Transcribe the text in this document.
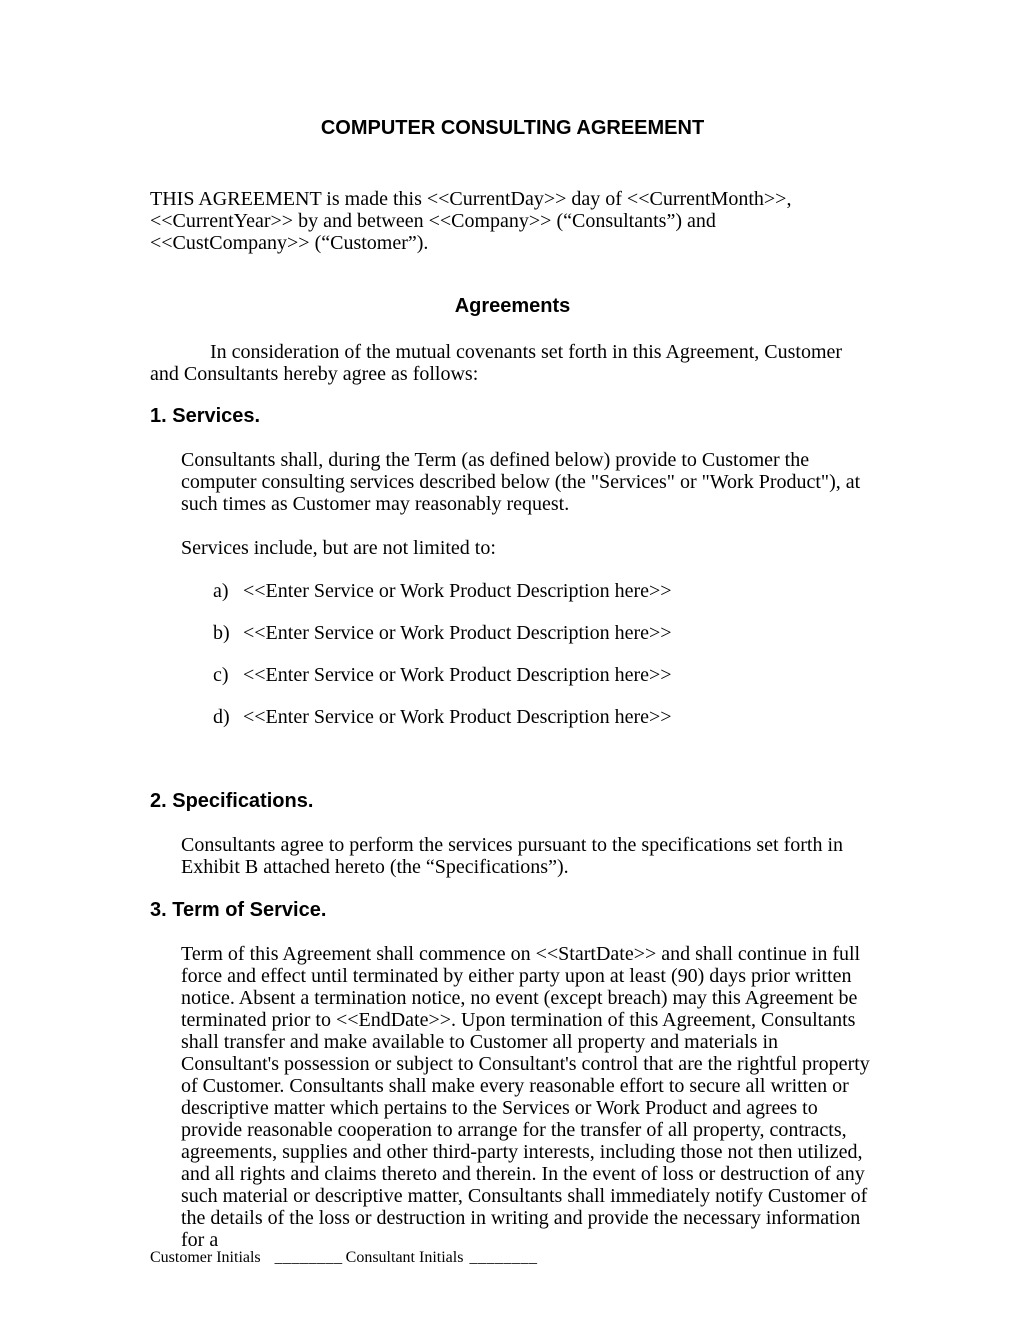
COMPUTER CONSULTING AGREEMENT

THIS AGREEMENT is made this <<CurrentDay>> day of <<CurrentMonth>>, <<CurrentYear>> by and between <<Company>> (“Consultants”) and <<CustCompany>> (“Customer”).

Agreements

In consideration of the mutual covenants set forth in this Agreement, Customer and Consultants hereby agree as follows:

1. Services.

Consultants shall, during the Term (as defined below) provide to Customer the computer consulting services described below (the "Services" or "Work Product"), at such times as Customer may reasonably request.

Services include, but are not limited to:

a) <<Enter Service or Work Product Description here>>
b) <<Enter Service or Work Product Description here>>
c) <<Enter Service or Work Product Description here>>
d) <<Enter Service or Work Product Description here>>
2. Specifications.

Consultants agree to perform the services pursuant to the specifications set forth in Exhibit B attached hereto (the “Specifications”).

3. Term of Service.

Term of this Agreement shall commence on <<StartDate>> and shall continue in full force and effect until terminated by either party upon at least (90) days prior written notice. Absent a termination notice, no event (except breach) may this Agreement be terminated prior to <<EndDate>>. Upon termination of this Agreement, Consultants shall transfer and make available to Customer all property and materials in Consultant's possession or subject to Consultant's control that are the rightful property of Customer. Consultants shall make every reasonable effort to secure all written or descriptive matter which pertains to the Services or Work Product and agrees to provide reasonable cooperation to arrange for the transfer of all property, contracts, agreements, supplies and other third-party interests, including those not then utilized, and all rights and claims thereto and therein. In the event of loss or destruction of any such material or descriptive matter, Consultants shall immediately notify Customer of the details of the loss or destruction in writing and provide the necessary information for a

Customer Initials ________ Consultant Initials ________
